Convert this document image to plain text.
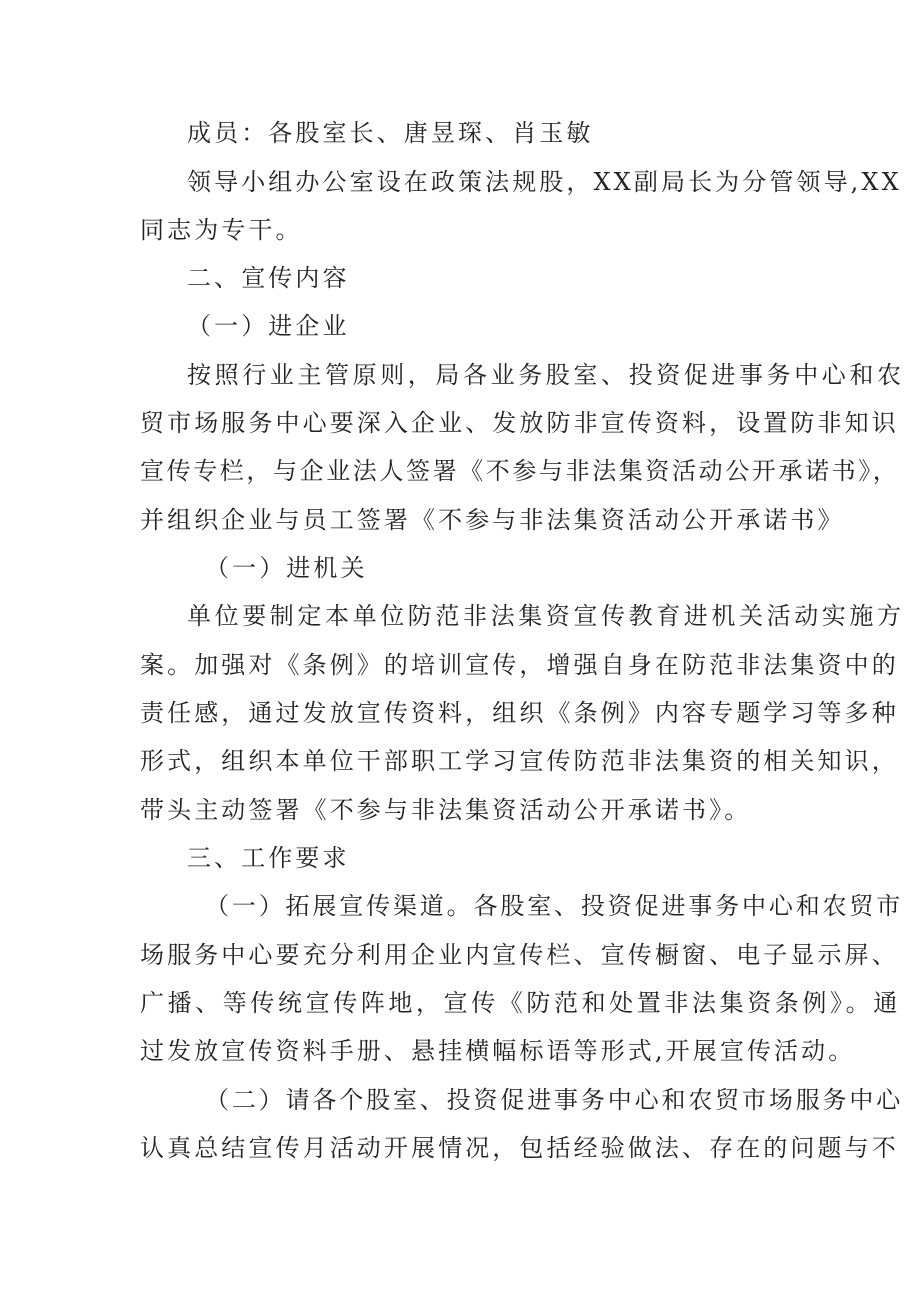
成员：各股室长、唐昱琛、肖玉敏

领导小组办公室设在政策法规股，XX副局长为分管领导,XX

同志为专干。

二、宣传内容

（一）进企业

按照行业主管原则，局各业务股室、投资促进事务中心和农

贸市场服务中心要深入企业、发放防非宣传资料，设置防非知识

宣传专栏，与企业法人签署《不参与非法集资活动公开承诺书》，

并组织企业与员工签署《不参与非法集资活动公开承诺书》

（一）进机关

单位要制定本单位防范非法集资宣传教育进机关活动实施方

案。加强对《条例》的培训宣传，增强自身在防范非法集资中的

责任感，通过发放宣传资料，组织《条例》内容专题学习等多种

形式，组织本单位干部职工学习宣传防范非法集资的相关知识，

带头主动签署《不参与非法集资活动公开承诺书》。

三、工作要求

（一）拓展宣传渠道。各股室、投资促进事务中心和农贸市

场服务中心要充分利用企业内宣传栏、宣传橱窗、电子显示屏、

广播、等传统宣传阵地，宣传《防范和处置非法集资条例》。通

过发放宣传资料手册、悬挂横幅标语等形式,开展宣传活动。

（二）请各个股室、投资促进事务中心和农贸市场服务中心

认真总结宣传月活动开展情况，包括经验做法、存在的问题与不
